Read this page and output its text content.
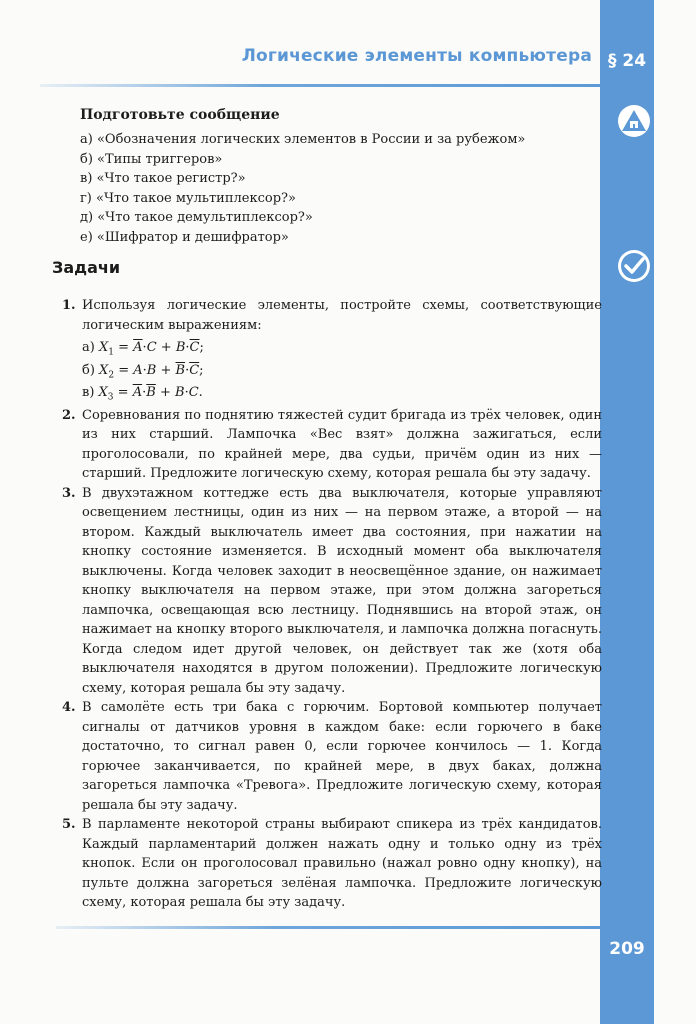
Логические элементы компьютера § 24
Подготовьте сообщение
а) «Обозначения логических элементов в России и за рубежом»
б) «Типы триггеров»
в) «Что такое регистр?»
г) «Что такое мультиплексор?»
д) «Что такое демультиплексор?»
е) «Шифратор и дешифратор»
Задачи
1. Используя логические элементы, постройте схемы, соответствующие логическим выражениям:
а) $X_1 = \overline{A}\cdot C + B\cdot\overline{C}$;
б) $X_2 = A\cdot B + \overline{B}\cdot\overline{C}$;
в) $X_3 = \overline{A}\cdot\overline{B} + B\cdot C$.
2. Соревнования по поднятию тяжестей судит бригада из трёх человек, один из них старший. Лампочка «Вес взят» должна зажигаться, если проголосовали, по крайней мере, два судьи, причём один из них — старший. Предложите логическую схему, которая решала бы эту задачу.
3. В двухэтажном коттедже есть два выключателя, которые управляют освещением лестницы, один из них — на первом этаже, а второй — на втором. Каждый выключатель имеет два состояния, при нажатии на кнопку состояние изменяется. В исходный момент оба выключателя выключены. Когда человек заходит в неосвещённое здание, он нажимает кнопку выключателя на первом этаже, при этом должна загореться лампочка, освещающая всю лестницу. Поднявшись на второй этаж, он нажимает на кнопку второго выключателя, и лампочка должна погаснуть. Когда следом идет другой человек, он действует так же (хотя оба выключателя находятся в другом положении). Предложите логическую схему, которая решала бы эту задачу.
4. В самолёте есть три бака с горючим. Бортовой компьютер получает сигналы от датчиков уровня в каждом баке: если горючего в баке достаточно, то сигнал равен 0, если горючее кончилось — 1. Когда горючее заканчивается, по крайней мере, в двух баках, должна загореться лампочка «Тревога». Предложите логическую схему, которая решала бы эту задачу.
5. В парламенте некоторой страны выбирают спикера из трёх кандидатов. Каждый парламентарий должен нажать одну и только одну из трёх кнопок. Если он проголосовал правильно (нажал ровно одну кнопку), на пульте должна загореться зелёная лампочка. Предложите логическую схему, которая решала бы эту задачу.
209
